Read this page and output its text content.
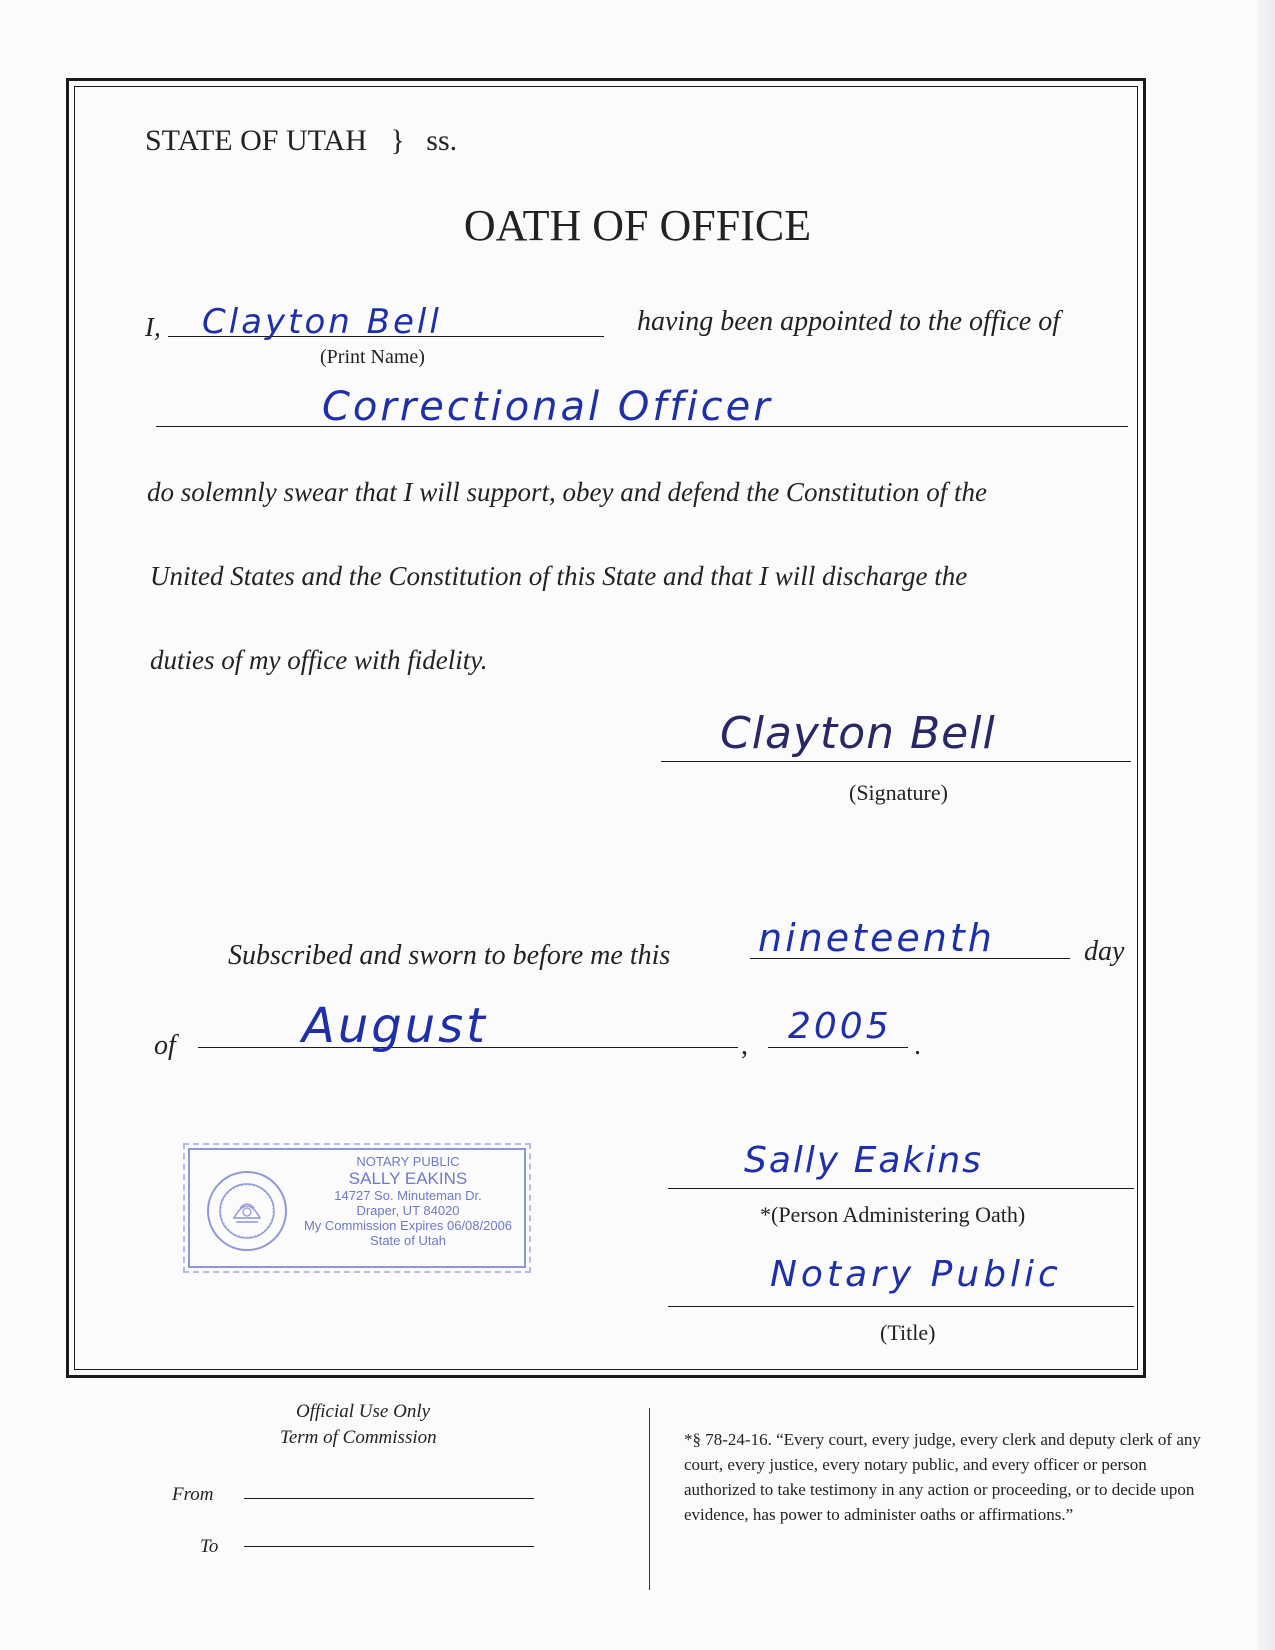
STATE OF UTAH } ss.
OATH OF OFFICE
I, Clayton Bell
(Print Name)
having been appointed to the office of
Correctional Officer
do solemnly swear that I will support, obey and defend the Constitution of the
United States and the Constitution of this State and that I will discharge the
duties of my office with fidelity.
Clayton Bell
(Signature)
Subscribed and sworn to before me this nineteenth	day
of	August	, 2005 .
NOTARY PUBLIC
SALLY EAKINS
14727 So. Minuteman Dr.
Draper, UT 84020
My Commission Expires 06/08/2006
State of Utah
Sally Eakins
*(Person Administering Oath)
Notary Public
(Title)
Official Use Only
Term of Commission
From
To
*§ 78-24-16. “Every court, every judge, every clerk and deputy clerk of any court, every justice, every notary public, and every officer or person authorized to take testimony in any action or proceeding, or to decide upon evidence, has power to administer oaths or affirmations.”
